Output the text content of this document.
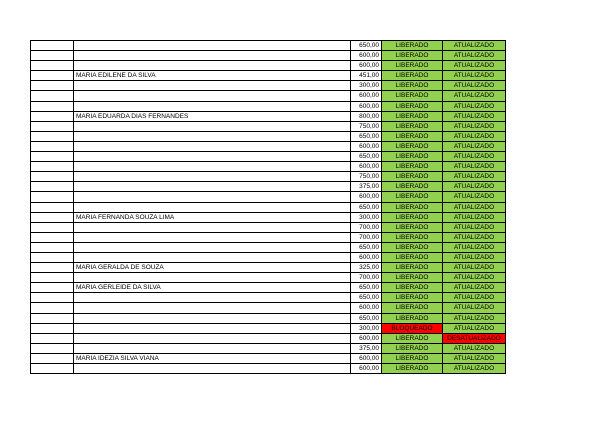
		650,00	LIBERADO	ATUALIZADO
		600,00	LIBERADO	ATUALIZADO
		600,00	LIBERADO	ATUALIZADO
	MARIA EDILENE DA SILVA	451,00	LIBERADO	ATUALIZADO
		300,00	LIBERADO	ATUALIZADO
		600,00	LIBERADO	ATUALIZADO
		600,00	LIBERADO	ATUALIZADO
	MARIA EDUARDA DIAS FERNANDES	800,00	LIBERADO	ATUALIZADO
		750,00	LIBERADO	ATUALIZADO
		650,00	LIBERADO	ATUALIZADO
		600,00	LIBERADO	ATUALIZADO
		650,00	LIBERADO	ATUALIZADO
		600,00	LIBERADO	ATUALIZADO
		750,00	LIBERADO	ATUALIZADO
		375,00	LIBERADO	ATUALIZADO
		600,00	LIBERADO	ATUALIZADO
		650,00	LIBERADO	ATUALIZADO
	MARIA FERNANDA SOUZA LIMA	300,00	LIBERADO	ATUALIZADO
		700,00	LIBERADO	ATUALIZADO
		700,00	LIBERADO	ATUALIZADO
		650,00	LIBERADO	ATUALIZADO
		600,00	LIBERADO	ATUALIZADO
	MARIA GERALDA DE SOUZA	325,00	LIBERADO	ATUALIZADO
		700,00	LIBERADO	ATUALIZADO
	MARIA GERLEIDE DA SILVA	650,00	LIBERADO	ATUALIZADO
		650,00	LIBERADO	ATUALIZADO
		600,00	LIBERADO	ATUALIZADO
		650,00	LIBERADO	ATUALIZADO
		300,00	BLOQUEADO	ATUALIZADO
		600,00	LIBERADO	DESATUALIZADO
		375,00	LIBERADO	ATUALIZADO
	MARIA IDEZIA SILVA VIANA	600,00	LIBERADO	ATUALIZADO
		600,00	LIBERADO	ATUALIZADO
